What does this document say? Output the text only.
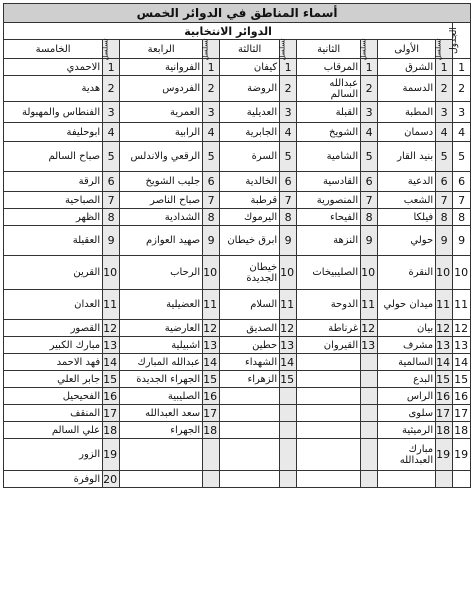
أسماء المناطق في الدوائر الخمس										
الجدول	الدوائر الانتخابية									
	تسلسل	الأولى	تسلسل	الثانية	تسلسل	الثالثة	تسلسل	الرابعة	تسلسل	الخامسة
1	1	الشرق	1	المرقاب	1	كيفان	1	الفروانية	1	الاحمدي
2	2	الدسمة	2	عبدالله السالم	2	الروضة	2	الفردوس	2	هدية
3	3	المطبة	3	القبلة	3	العديلية	3	العمرية	3	الفنطاس والمهبولة
4	4	دسمان	4	الشويخ	4	الجابرية	4	الرابية	4	ابوحليفة
5	5	بنيد القار	5	الشامية	5	السرة	5	الرقعي والاندلس	5	صباح السالم
6	6	الدعية	6	القادسية	6	الخالدية	6	جليب الشويخ	6	الرقة
7	7	الشعب	7	المنصورية	7	قرطبة	7	صباح الناصر	7	الصباحية
8	8	فيلكا	8	الفيحاء	8	اليرموك	8	الشدادية	8	الظهر
9	9	حولي	9	النزهة	9	ابرق خيطان	9	صهيد العوازم	9	العقيلة
10	10	النقرة	10	الصليبيخات	10	خيطان الجديدة	10	الرحاب	10	القرين
11	11	ميدان حولي	11	الدوحة	11	السلام	11	العضيلية	11	العدان
12	12	بيان	12	غرناطة	12	الصديق	12	العارضية	12	القصور
13	13	مشرف	13	القيروان	13	حطين	13	اشبيلية	13	مبارك الكبير
14	14	السالمية			14	الشهداء	14	عبدالله المبارك	14	فهد الاحمد
15	15	البدع			15	الزهراء	15	الجهراء الجديدة	15	جابر العلي
16	16	الراس					16	الصليبية	16	الفحيحيل
17	17	سلوى					17	سعد العبدالله	17	المنقف
18	18	الرميثية					18	الجهراء	18	علي السالم
19	19	مبارك العبدالله							19	الزور
									20	الوفرة
